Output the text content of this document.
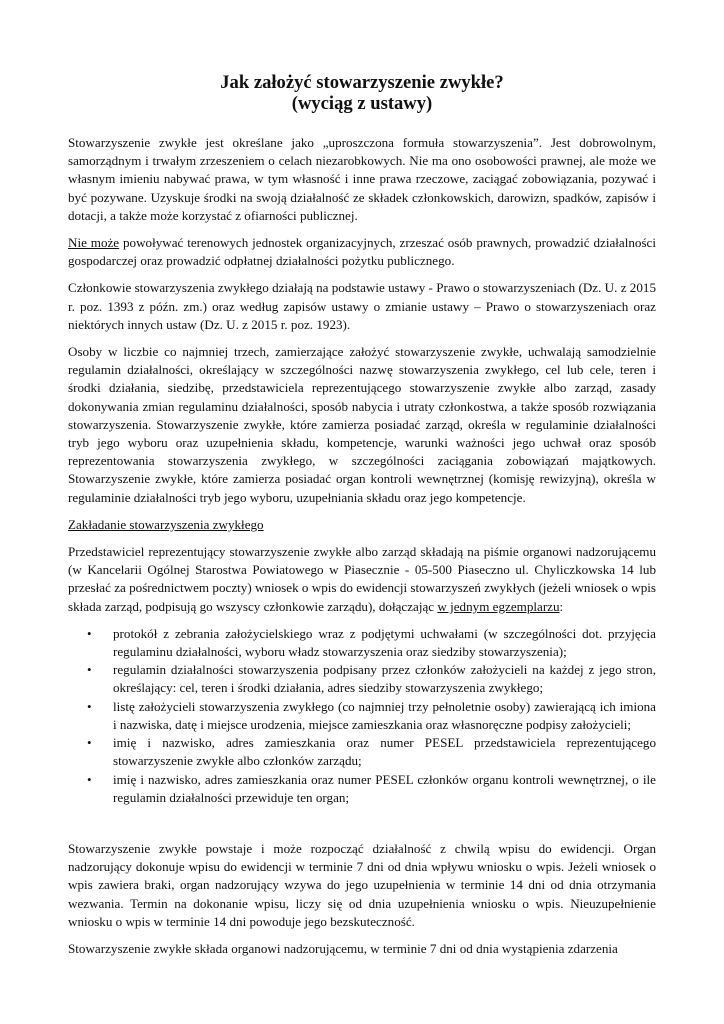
Jak założyć stowarzyszenie zwykłe?
(wyciąg z ustawy)

Stowarzyszenie zwykłe jest określane jako „uproszczona formuła stowarzyszenia”. Jest dobrowolnym, samorządnym i trwałym zrzeszeniem o celach niezarobkowych. Nie ma ono osobowości prawnej, ale może we własnym imieniu nabywać prawa, w tym własność i inne prawa rzeczowe, zaciągać zobowiązania, pozywać i być pozywane. Uzyskuje środki na swoją działalność ze składek członkowskich, darowizn, spadków, zapisów i dotacji, a także może korzystać z ofiarności publicznej.

Nie może powoływać terenowych jednostek organizacyjnych, zrzeszać osób prawnych, prowadzić działalności gospodarczej oraz prowadzić odpłatnej działalności pożytku publicznego.

Członkowie stowarzyszenia zwykłego działają na podstawie ustawy - Prawo o stowarzyszeniach (Dz. U. z 2015 r. poz. 1393 z późn. zm.) oraz według zapisów ustawy o zmianie ustawy – Prawo o stowarzyszeniach oraz niektórych innych ustaw (Dz. U. z 2015 r. poz. 1923).

Osoby w liczbie co najmniej trzech, zamierzające założyć stowarzyszenie zwykłe, uchwalają samodzielnie regulamin działalności, określający w szczególności nazwę stowarzyszenia zwykłego, cel lub cele, teren i środki działania, siedzibę, przedstawiciela reprezentującego stowarzyszenie zwykłe albo zarząd, zasady dokonywania zmian regulaminu działalności, sposób nabycia i utraty członkostwa, a także sposób rozwiązania stowarzyszenia. Stowarzyszenie zwykłe, które zamierza posiadać zarząd, określa w regulaminie działalności tryb jego wyboru oraz uzupełnienia składu, kompetencje, warunki ważności jego uchwał oraz sposób reprezentowania stowarzyszenia zwykłego, w szczególności zaciągania zobowiązań majątkowych. Stowarzyszenie zwykłe, które zamierza posiadać organ kontroli wewnętrznej (komisję rewizyjną), określa w regulaminie działalności tryb jego wyboru, uzupełniania składu oraz jego kompetencje.

Zakładanie stowarzyszenia zwykłego

Przedstawiciel reprezentujący stowarzyszenie zwykłe albo zarząd składają na piśmie organowi nadzorującemu (w Kancelarii Ogólnej Starostwa Powiatowego w Piasecznie - 05-500 Piaseczno ul. Chyliczkowska 14 lub przesłać za pośrednictwem poczty) wniosek o wpis do ewidencji stowarzyszeń zwykłych (jeżeli wniosek o wpis składa zarząd, podpisują go wszyscy członkowie zarządu), dołączając w jednym egzemplarzu:

• protokół z zebrania założycielskiego wraz z podjętymi uchwałami (w szczególności dot. przyjęcia regulaminu działalności, wyboru władz stowarzyszenia oraz siedziby stowarzyszenia);
• regulamin działalności stowarzyszenia podpisany przez członków założycieli na każdej z jego stron, określający: cel, teren i środki działania, adres siedziby stowarzyszenia zwykłego;
• listę założycieli stowarzyszenia zwykłego (co najmniej trzy pełnoletnie osoby) zawierającą ich imiona i nazwiska, datę i miejsce urodzenia, miejsce zamieszkania oraz własnoręczne podpisy założycieli;
• imię i nazwisko, adres zamieszkania oraz numer PESEL przedstawiciela reprezentującego stowarzyszenie zwykłe albo członków zarządu;
• imię i nazwisko, adres zamieszkania oraz numer PESEL członków organu kontroli wewnętrznej, o ile regulamin działalności przewiduje ten organ;

Stowarzyszenie zwykłe powstaje i może rozpocząć działalność z chwilą wpisu do ewidencji. Organ nadzorujący dokonuje wpisu do ewidencji w terminie 7 dni od dnia wpływu wniosku o wpis. Jeżeli wniosek o wpis zawiera braki, organ nadzorujący wzywa do jego uzupełnienia w terminie 14 dni od dnia otrzymania wezwania. Termin na dokonanie wpisu, liczy się od dnia uzupełnienia wniosku o wpis. Nieuzupełnienie wniosku o wpis w terminie 14 dni powoduje jego bezskuteczność.

Stowarzyszenie zwykłe składa organowi nadzorującemu, w terminie 7 dni od dnia wystąpienia zdarzenia
